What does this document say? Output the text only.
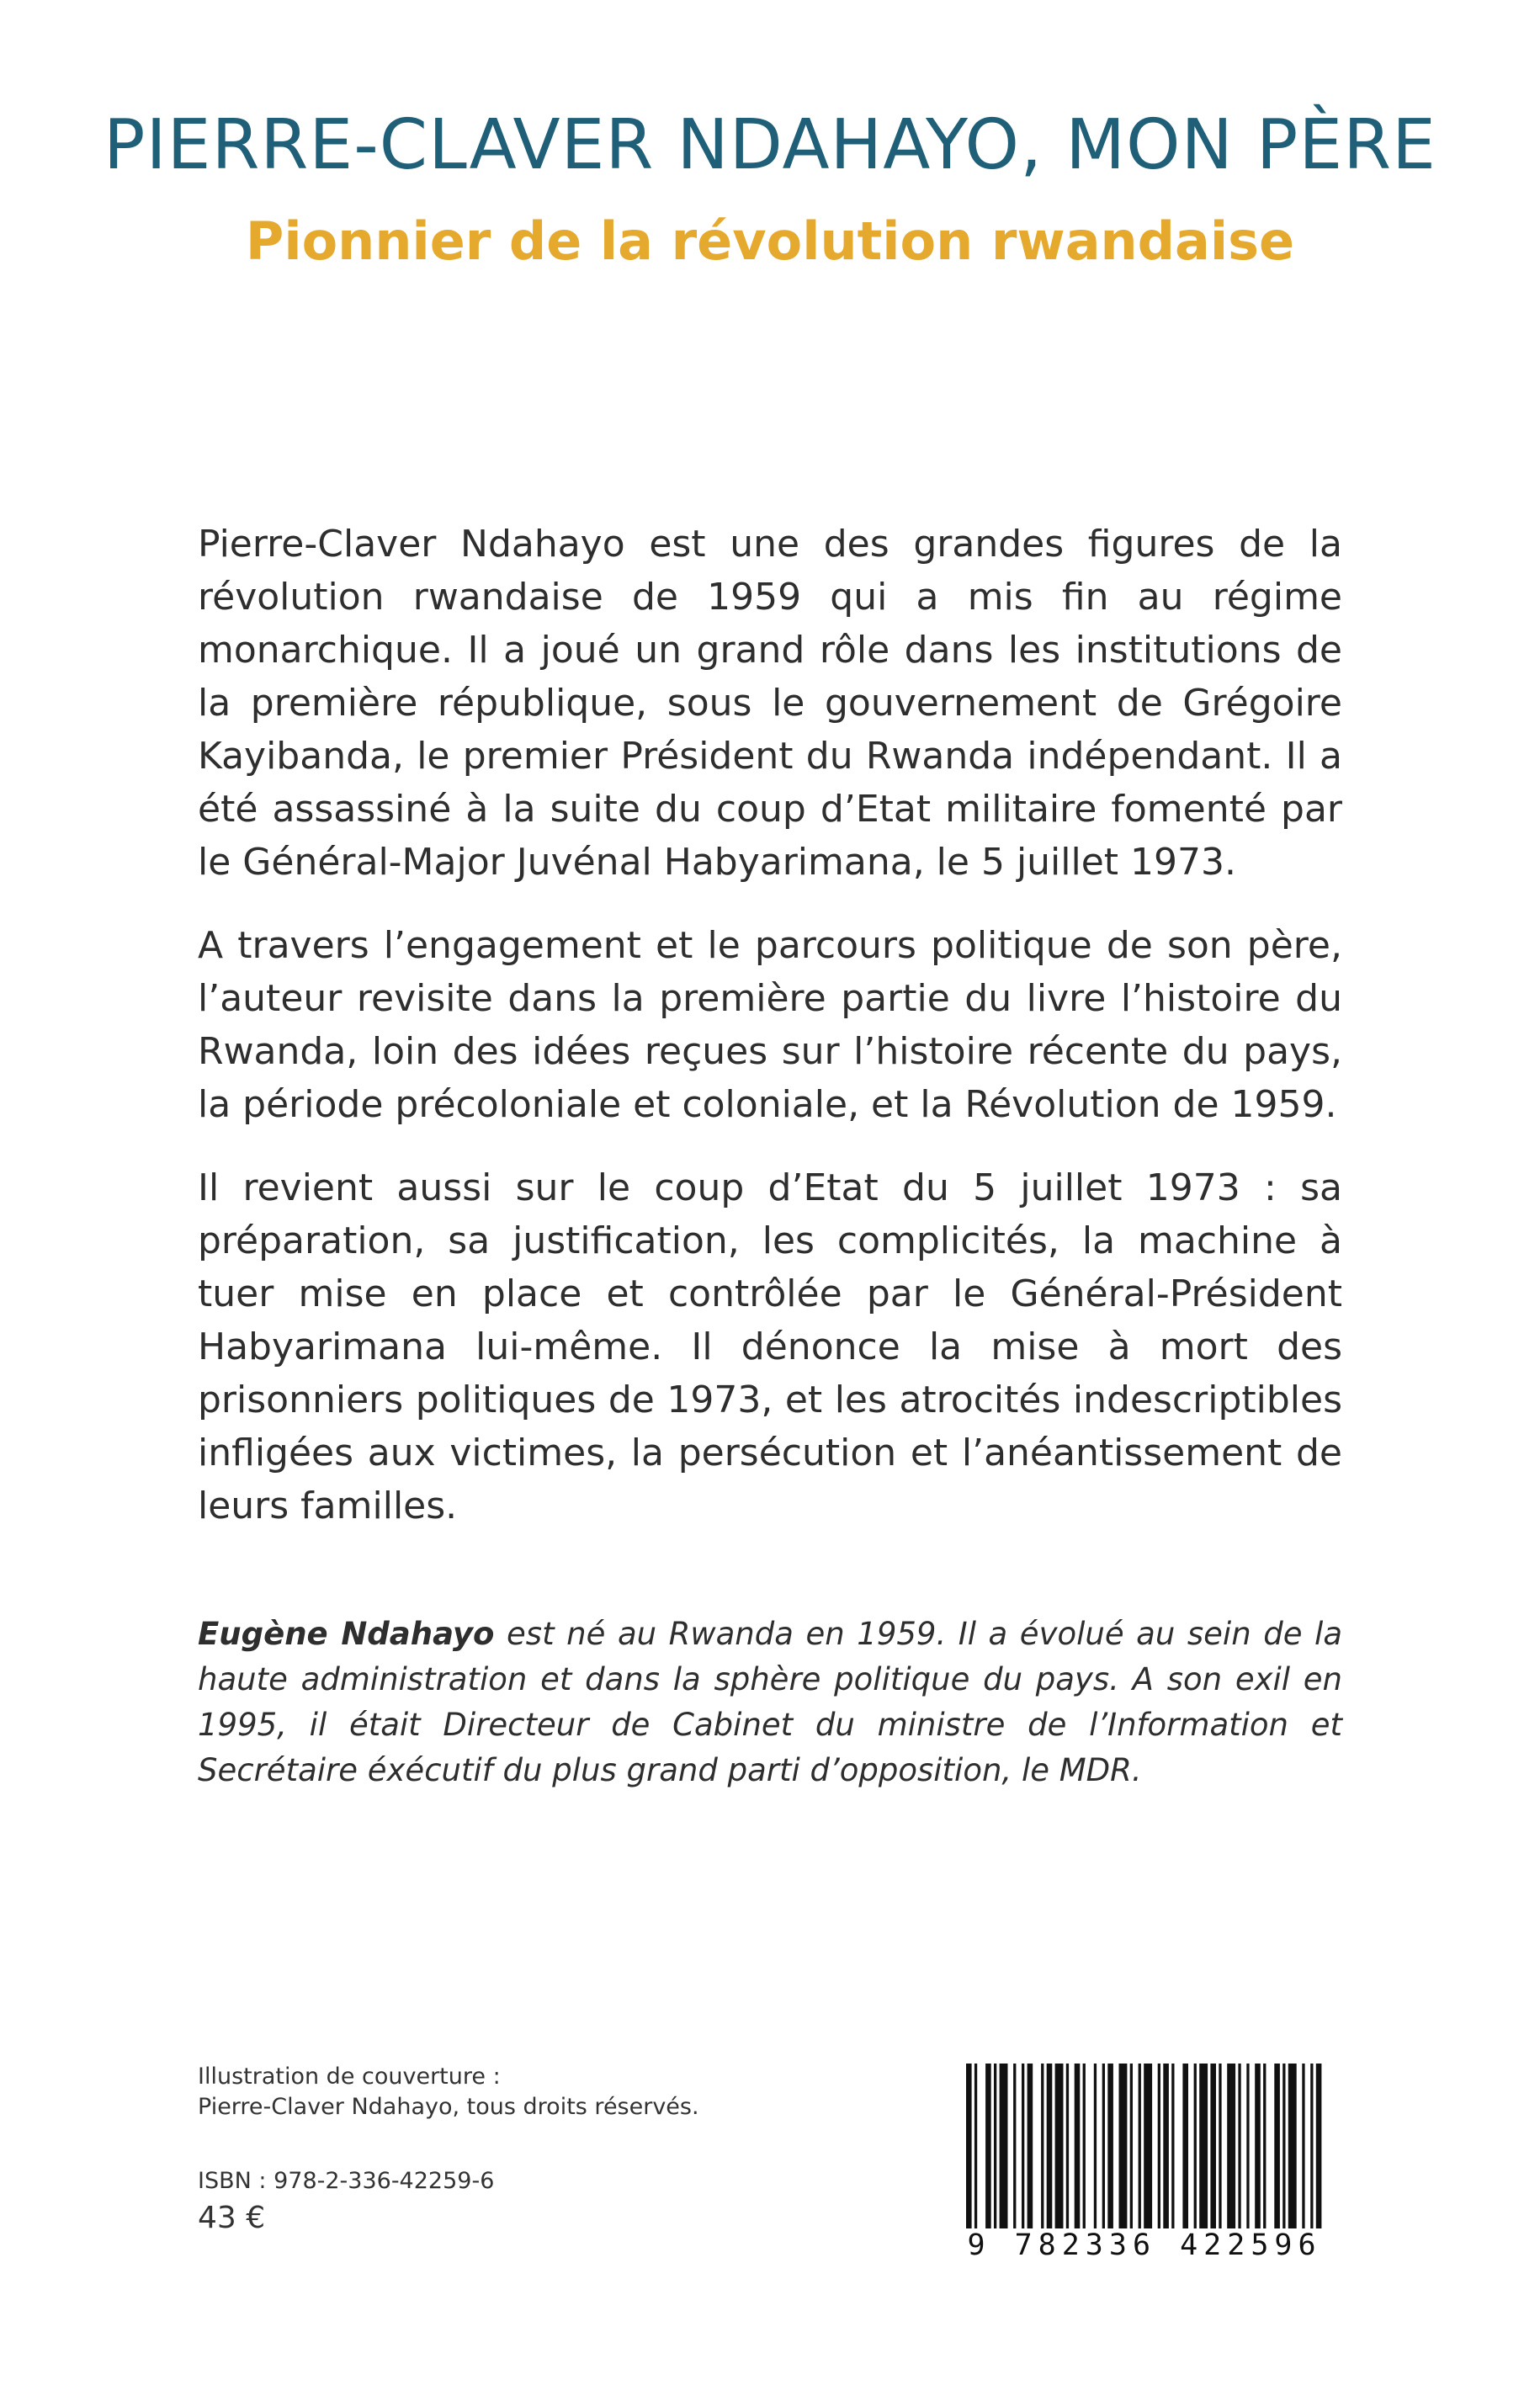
PIERRE-CLAVER NDAHAYO, MON PÈRE
Pionnier de la révolution rwandaise

Pierre-Claver Ndahayo est une des grandes figures de la révolution rwandaise de 1959 qui a mis fin au régime monarchique. Il a joué un grand rôle dans les institutions de la première république, sous le gouvernement de Grégoire Kayibanda, le premier Président du Rwanda indépendant. Il a été assassiné à la suite du coup d’Etat militaire fomenté par le Général-Major Juvénal Habyarimana, le 5 juillet 1973.

A travers l’engagement et le parcours politique de son père, l’auteur revisite dans la première partie du livre l’histoire du Rwanda, loin des idées reçues sur l’histoire récente du pays, la période précoloniale et coloniale, et la Révolution de 1959.

Il revient aussi sur le coup d’Etat du 5 juillet 1973 : sa préparation, sa justification, les complicités, la machine à tuer mise en place et contrôlée par le Général-Président Habyarimana lui-même. Il dénonce la mise à mort des prisonniers politiques de 1973, et les atrocités indescriptibles infligées aux victimes, la persécution et l’anéantissement de leurs familles.

Eugène Ndahayo est né au Rwanda en 1959. Il a évolué au sein de la haute administration et dans la sphère politique du pays. A son exil en 1995, il était Directeur de Cabinet du ministre de l’Information et Secrétaire éxécutif du plus grand parti d’opposition, le MDR.
Illustration de couverture :
Pierre-Claver Ndahayo, tous droits réservés.
ISBN : 978-2-336-42259-6
43 €
9 782336 422596
